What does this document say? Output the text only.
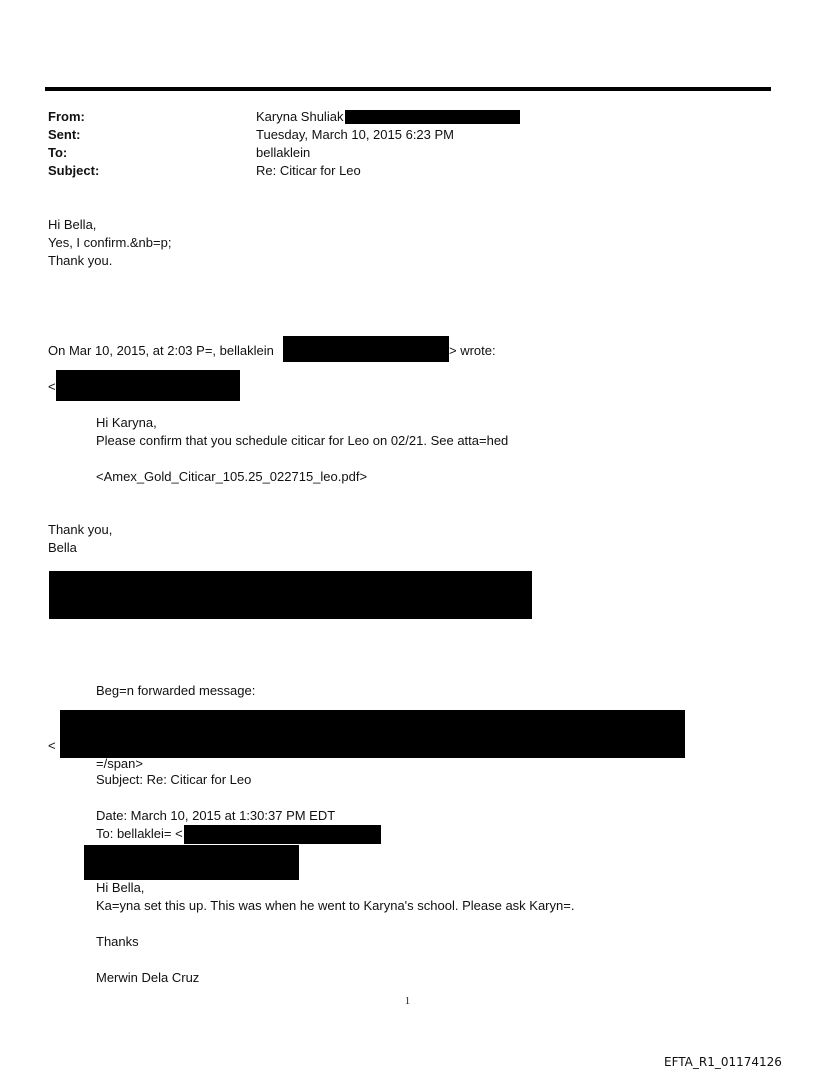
From:
Sent:
To:
Subject:
Karyna Shuliak
Tuesday, March 10, 2015 6:23 PM
bellaklein
Re: Citicar for Leo
Hi Bella,
Yes, I confirm.&nb=p;
Thank you.
On Mar 10, 2015, at 2:03 P=, bellaklein	> wrote:
<
Hi Karyna,
Please confirm that you schedule citicar for Leo on 02/21. See atta=hed
<Amex_Gold_Citicar_105.25_022715_leo.pdf>
Thank you,
Bella
Beg=n forwarded message:
<
=/span>
Subject: Re: Citicar for Leo
Date: March 10, 2015 at 1:30:37 PM EDT
To: bellaklei= <
Hi Bella,
Ka=yna set this up. This was when he went to Karyna's school. Please ask Karyn=.
Thanks
Merwin Dela Cruz
1
EFTA_R1_01174126
